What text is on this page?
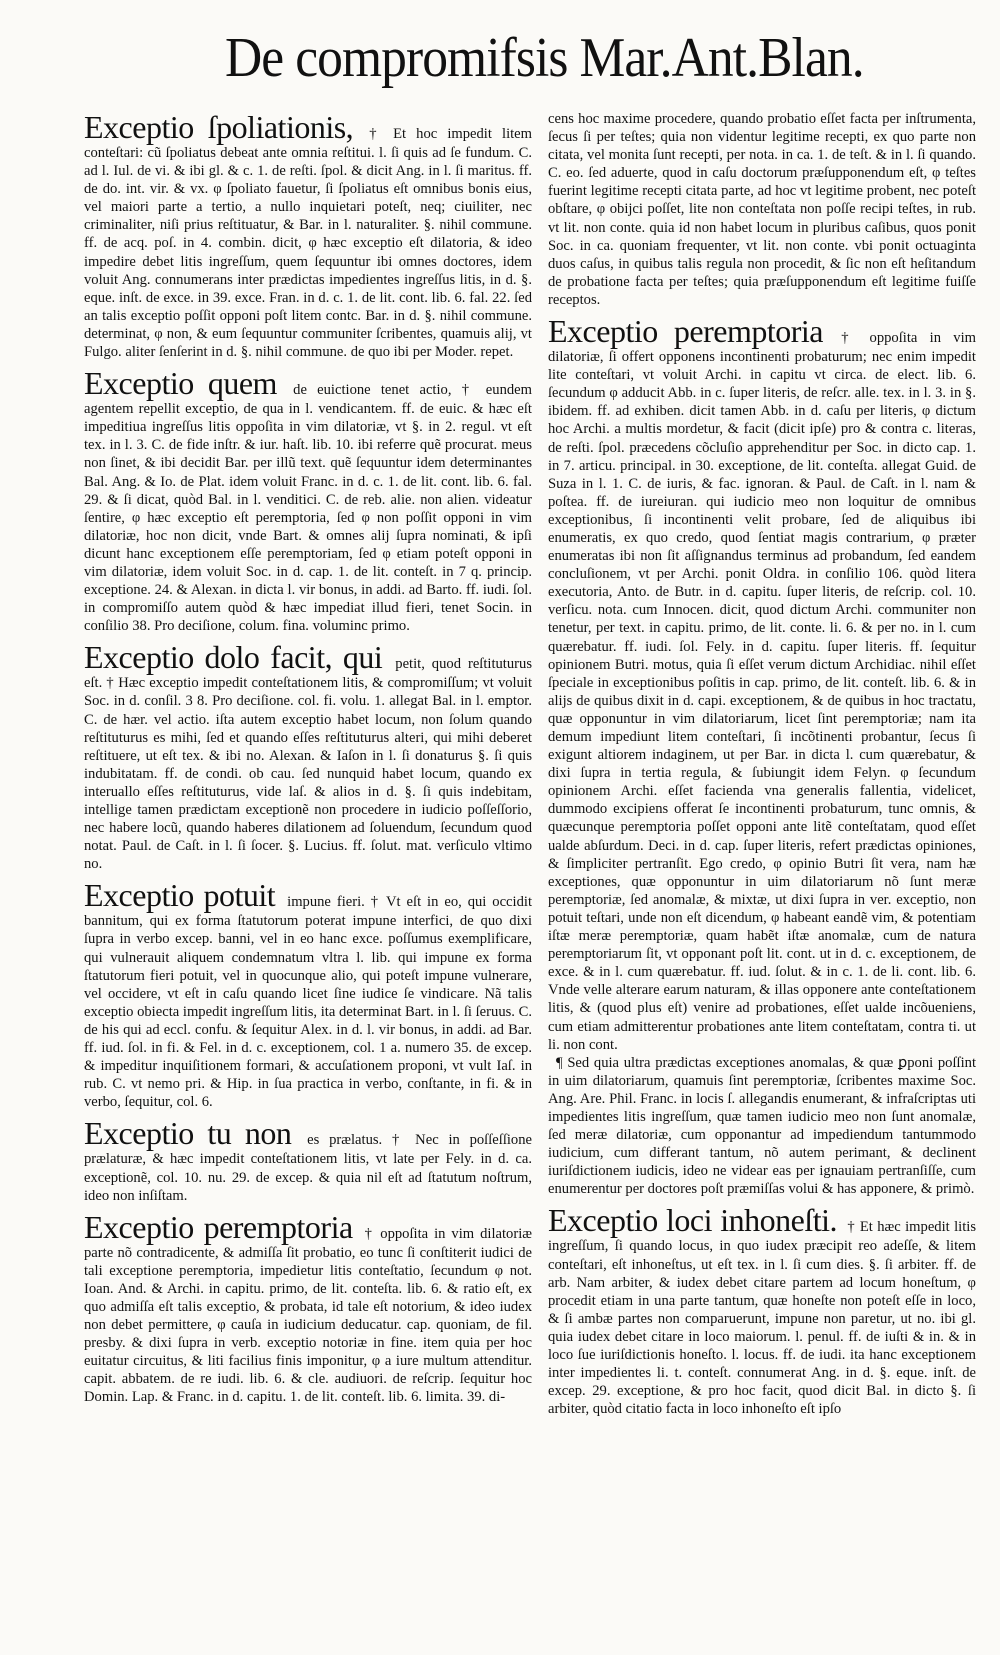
De compromifsis Mar.Ant.Blan.
Exceptio ſpoliationis, † Et hoc impedit litem conteſtari: cũ ſpoliatus debeat ante omnia reſtitui. l. ſi quis ad ſe fundum. C. ad l. Iul. de vi. & ibi gl. & c. 1. de reſti. ſpol. & dicit Ang. in l. ſi maritus. ff. de do. int. vir. & vx. φ ſpoliato fauetur, ſi ſpoliatus eſt omnibus bonis eius, vel maiori parte a tertio, a nullo inquietari poteſt, neq; ciuiliter, nec criminaliter, niſi prius reſtituatur, & Bar. in l. naturaliter. §. nihil commune. ff. de acq. poſ. in 4. combin. dicit, φ hæc exceptio eſt dilatoria, & ideo impedire debet litis ingreſſum, quem ſequuntur ibi omnes doctores, idem voluit Ang. connumerans inter prædictas impedientes ingreſſus litis, in d. §. eque. inſt. de exce. in 39. exce. Fran. in d. c. 1. de lit. cont. lib. 6. fal. 22. ſed an talis exceptio poſſit opponi poſt litem contc. Bar. in d. §. nihil commune. determinat, φ non, & eum ſequuntur communiter ſcribentes, quamuis alij, vt Fulgo. aliter ſenſerint in d. §. nihil commune. de quo ibi per Moder. repet.
Exceptio quem de euictione tenet actio, † eundem agentem repellit exceptio, de qua in l. vendicantem. ff. de euic. & hæc eſt impeditiua ingreſſus litis oppoſita in vim dilatoriæ, vt §. in 2. regul. vt eſt tex. in l. 3. C. de fide inſtr. & iur. haſt. lib. 10. ibi referre quẽ procurat. meus non ſinet, & ibi decidit Bar. per illũ text. quẽ ſequuntur idem determinantes Bal. Ang. & Io. de Plat. idem voluit Franc. in d. c. 1. de lit. cont. lib. 6. fal. 29. & ſi dicat, quòd Bal. in l. venditici. C. de reb. alie. non alien. videatur ſentire, φ hæc exceptio eſt peremptoria, ſed φ non poſſit opponi in vim dilatoriæ, hoc non dicit, vnde Bart. & omnes alij ſupra nominati, & ipſi dicunt hanc exceptionem eſſe peremptoriam, ſed φ etiam poteſt opponi in vim dilatoriæ, idem voluit Soc. in d. cap. 1. de lit. conteſt. in 7 q. princip. exceptione. 24. & Alexan. in dicta l. vir bonus, in addi. ad Barto. ff. iudi. ſol. in compromiſſo autem quòd & hæc impediat illud fieri, tenet Socin. in conſilio 38. Pro deciſione, colum. fina. voluminc primo.
Exceptio dolo facit, qui petit, quod reſtituturus eſt. † Hæc exceptio impedit conteſtationem litis, & compromiſſum; vt voluit Soc. in d. conſil. 3 8. Pro deciſione. col. fi. volu. 1. allegat Bal. in l. emptor. C. de hær. vel actio. iſta autem exceptio habet locum, non ſolum quando reſtituturus es mihi, ſed et quando eſſes reſtituturus alteri, qui mihi deberet reſtituere, ut eſt tex. & ibi no. Alexan. & Iaſon in l. ſi donaturus §. ſi quis indubitatam. ff. de condi. ob cau. ſed nunquid habet locum, quando ex interuallo eſſes reſtituturus, vide laſ. & alios in d. §. ſi quis indebitam, intellige tamen prædictam exceptionẽ non procedere in iudicio poſſeſſorio, nec habere locũ, quando haberes dilationem ad ſoluendum, ſecundum quod notat. Paul. de Caſt. in l. ſi ſocer. §. Lucius. ff. ſolut. mat. verſiculo vltimo no.
Exceptio potuit impune fieri. † Vt eſt in eo, qui occidit bannitum, qui ex forma ſtatutorum poterat impune interfici, de quo dixi ſupra in verbo excep. banni, vel in eo hanc exce. poſſumus exemplificare, qui vulnerauit aliquem condemnatum vltra l. lib. qui impune ex forma ſtatutorum fieri potuit, vel in quocunque alio, qui poteſt impune vulnerare, vel occidere, vt eſt in caſu quando licet ſine iudice ſe vindicare. Nã talis exceptio obiecta impedit ingreſſum litis, ita determinat Bart. in l. ſi ſeruus. C. de his qui ad eccl. confu. & ſequitur Alex. in d. l. vir bonus, in addi. ad Bar. ff. iud. ſol. in fi. & Fel. in d. c. exceptionem, col. 1 a. numero 35. de excep. & impeditur inquiſitionem formari, & accuſationem proponi, vt vult Iaſ. in rub. C. vt nemo pri. & Hip. in ſua practica in verbo, conſtante, in fi. & in verbo, ſequitur, col. 6.
Exceptio tu non es prælatus. † Nec in poſſeſſione prælaturæ, & hæc impedit conteſtationem litis, vt late per Fely. in d. ca. exceptionẽ, col. 10. nu. 29. de excep. & quia nil eſt ad ſtatutum noſtrum, ideo non inſiſtam.
Exceptio peremptoria † oppoſita in vim dilatoriæ parte nõ contradicente, & admiſſa ſit probatio, eo tunc ſi conſtiterit iudici de tali exceptione peremptoria, impedietur litis conteſtatio, ſecundum φ not. Ioan. And. & Archi. in capitu. primo, de lit. conteſta. lib. 6. & ratio eſt, ex quo admiſſa eſt talis exceptio, & probata, id tale eſt notorium, & ideo iudex non debet permittere, φ cauſa in iudicium deducatur. cap. quoniam, de fil. presby. & dixi ſupra in verb. exceptio notoriæ in fine. item quia per hoc euitatur circuitus, & liti facilius finis imponitur, φ a iure multum attenditur. capit. abbatem. de re iudi. lib. 6. & cle. audiuori. de reſcrip. ſequitur hoc Domin. Lap. & Franc. in d. capitu. 1. de lit. conteſt. lib. 6. limita. 39. di-
cens hoc maxime procedere, quando probatio eſſet facta per inſtrumenta, ſecus ſi per teſtes; quia non videntur legitime recepti, ex quo parte non citata, vel monita ſunt recepti, per nota. in ca. 1. de teſt. & in l. ſi quando. C. eo. ſed aduerte, quod in caſu doctorum præſupponendum eſt, φ teſtes fuerint legitime recepti citata parte, ad hoc vt legitime probent, nec poteſt obſtare, φ obijci poſſet, lite non conteſtata non poſſe recipi teſtes, in rub. vt lit. non conte. quia id non habet locum in pluribus caſibus, quos ponit Soc. in ca. quoniam frequenter, vt lit. non conte. vbi ponit octuaginta duos caſus, in quibus talis regula non procedit, & ſic non eſt heſitandum de probatione facta per teſtes; quia præſupponendum eſt legitime fuiſſe receptos.
Exceptio peremptoria † oppoſita in vim dilatoriæ, ſi offert opponens incontinenti probaturum; nec enim impedit lite conteſtari, vt voluit Archi. in capitu vt circa. de elect. lib. 6. ſecundum φ adducit Abb. in c. ſuper literis, de reſcr. alle. tex. in l. 3. in §. ibidem. ff. ad exhiben. dicit tamen Abb. in d. caſu per literis, φ dictum hoc Archi. a multis mordetur, & facit (dicit ipſe) pro & contra c. literas, de reſti. ſpol. præcedens cõcluſio apprehenditur per Soc. in dicto cap. 1. in 7. articu. principal. in 30. exceptione, de lit. conteſta. allegat Guid. de Suza in l. 1. C. de iuris, & fac. ignoran. & Paul. de Caſt. in l. nam & poſtea. ff. de iureiuran. qui iudicio meo non loquitur de omnibus exceptionibus, ſi incontinenti velit probare, ſed de aliquibus ibi enumeratis, ex quo credo, quod ſentiat magis contrarium, φ præter enumeratas ibi non ſit aſſignandus terminus ad probandum, ſed eandem concluſionem, vt per Archi. ponit Oldra. in conſilio 106. quòd litera executoria, Anto. de Butr. in d. capitu. ſuper literis, de reſcrip. col. 10. verſicu. nota. cum Innocen. dicit, quod dictum Archi. communiter non tenetur, per text. in capitu. primo, de lit. conte. li. 6. & per no. in l. cum quærebatur. ff. iudi. ſol. Fely. in d. capitu. ſuper literis. ff. ſequitur opinionem Butri. motus, quia ſi eſſet verum dictum Archidiac. nihil eſſet ſpeciale in exceptionibus poſitis in cap. primo, de lit. conteſt. lib. 6. & in alijs de quibus dixit in d. capi. exceptionem, & de quibus in hoc tractatu, quæ opponuntur in vim dilatoriarum, licet ſint peremptoriæ; nam ita demum impediunt litem conteſtari, ſi incõtinenti probantur, ſecus ſi exigunt altiorem indaginem, ut per Bar. in dicta l. cum quærebatur, & dixi ſupra in tertia regula, & ſubiungit idem Felyn. φ ſecundum opinionem Archi. eſſet facienda vna generalis fallentia, videlicet, dummodo excipiens offerat ſe incontinenti probaturum, tunc omnis, & quæcunque peremptoria poſſet opponi ante litẽ conteſtatam, quod eſſet ualde abſurdum. Deci. in d. cap. ſuper literis, refert prædictas opiniones, & ſimpliciter pertranſit. Ego credo, φ opinio Butri ſit vera, nam hæ exceptiones, quæ opponuntur in uim dilatoriarum nõ ſunt meræ peremptoriæ, ſed anomalæ, & mixtæ, ut dixi ſupra in ver. exceptio, non potuit teſtari, unde non eſt dicendum, φ habeant eandẽ vim, & potentiam iſtæ meræ peremptoriæ, quam habẽt iſtæ anomalæ, cum de natura peremptoriarum ſit, vt opponant poſt lit. cont. ut in d. c. exceptionem, de exce. & in l. cum quærebatur. ff. iud. ſolut. & in c. 1. de li. cont. lib. 6. Vnde velle alterare earum naturam, & illas opponere ante conteſtationem litis, & (quod plus eſt) venire ad probationes, eſſet ualde incõueniens, cum etiam admitterentur probationes ante litem conteſtatam, contra ti. ut li. non cont.
¶ Sed quia ultra prædictas exceptiones anomalas, & quæ ꝑponi poſſint in uim dilatoriarum, quamuis ſint peremptoriæ, ſcribentes maxime Soc. Ang. Are. Phil. Franc. in locis ſ. allegandis enumerant, & infraſcriptas uti impedientes litis ingreſſum, quæ tamen iudicio meo non ſunt anomalæ, ſed meræ dilatoriæ, cum opponantur ad impediendum tantummodo iudicium, cum differant tantum, nõ autem perimant, & declinent iuriſdictionem iudicis, ideo ne videar eas per ignauiam pertranſiſſe, cum enumerentur per doctores poſt præmiſſas volui & has apponere, & primò.
Exceptio loci inhoneſti. † Et hæc impedit litis ingreſſum, ſi quando locus, in quo iudex præcipit reo adeſſe, & litem conteſtari, eſt inhoneſtus, ut eſt tex. in l. ſi cum dies. §. ſi arbiter. ff. de arb. Nam arbiter, & iudex debet citare partem ad locum honeſtum, φ procedit etiam in una parte tantum, quæ honeſte non poteſt eſſe in loco, & ſi ambæ partes non comparuerunt, impune non paretur, ut no. ibi gl. quia iudex debet citare in loco maiorum. l. penul. ff. de iuſti & in. & in loco ſue iuriſdictionis honeſto. l. locus. ff. de iudi. ita hanc exceptionem inter impedientes li. t. conteſt. connumerat Ang. in d. §. eque. inſt. de excep. 29. exceptione, & pro hoc facit, quod dicit Bal. in dicto §. ſi arbiter, quòd citatio facta in loco inhoneſto eſt ipſo
